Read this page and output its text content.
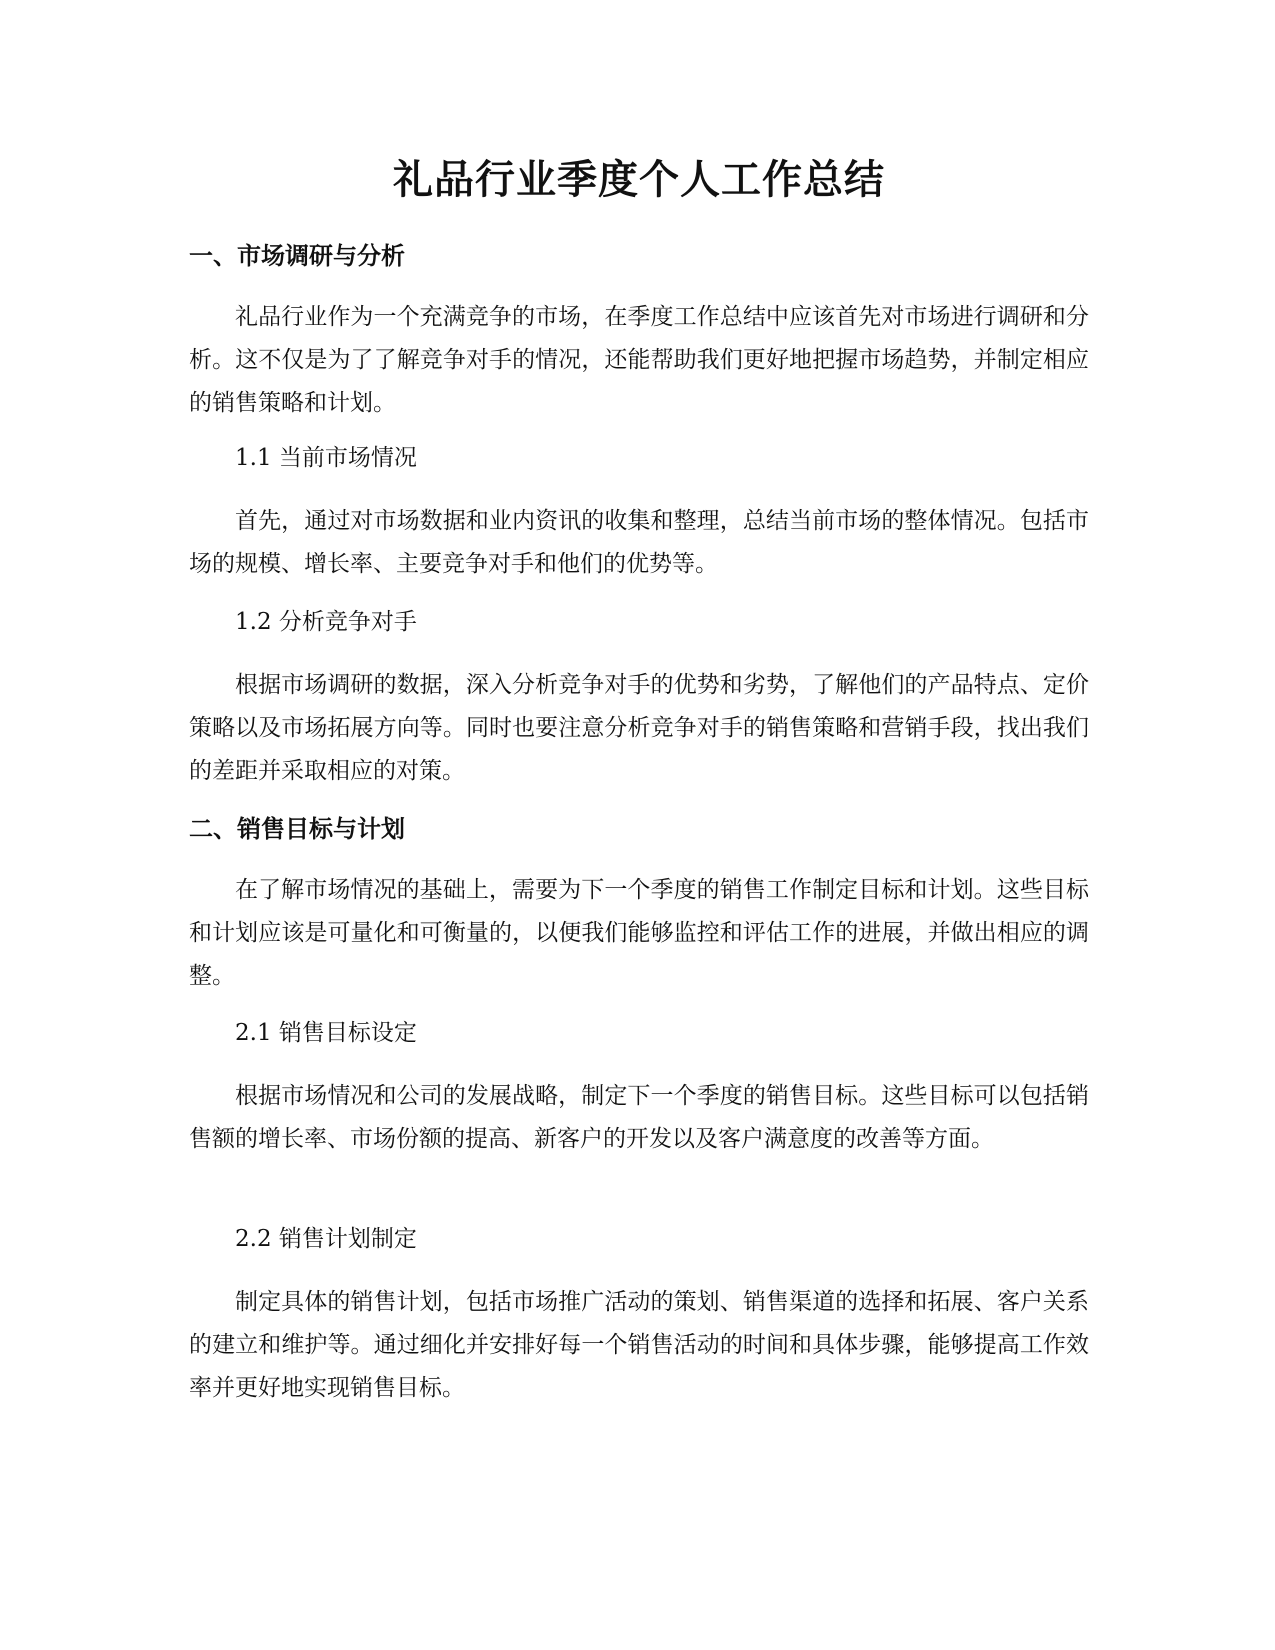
礼品行业季度个人工作总结
一、市场调研与分析

礼品行业作为一个充满竞争的市场，在季度工作总结中应该首先对市场进行调研和分析。这不仅是为了了解竞争对手的情况，还能帮助我们更好地把握市场趋势，并制定相应的销售策略和计划。

1.1 当前市场情况

首先，通过对市场数据和业内资讯的收集和整理，总结当前市场的整体情况。包括市场的规模、增长率、主要竞争对手和他们的优势等。

1.2 分析竞争对手

根据市场调研的数据，深入分析竞争对手的优势和劣势，了解他们的产品特点、定价策略以及市场拓展方向等。同时也要注意分析竞争对手的销售策略和营销手段，找出我们的差距并采取相应的对策。

二、销售目标与计划

在了解市场情况的基础上，需要为下一个季度的销售工作制定目标和计划。这些目标和计划应该是可量化和可衡量的，以便我们能够监控和评估工作的进展，并做出相应的调整。

2.1 销售目标设定

根据市场情况和公司的发展战略，制定下一个季度的销售目标。这些目标可以包括销售额的增长率、市场份额的提高、新客户的开发以及客户满意度的改善等方面。

2.2 销售计划制定

制定具体的销售计划，包括市场推广活动的策划、销售渠道的选择和拓展、客户关系的建立和维护等。通过细化并安排好每一个销售活动的时间和具体步骤，能够提高工作效率并更好地实现销售目标。
